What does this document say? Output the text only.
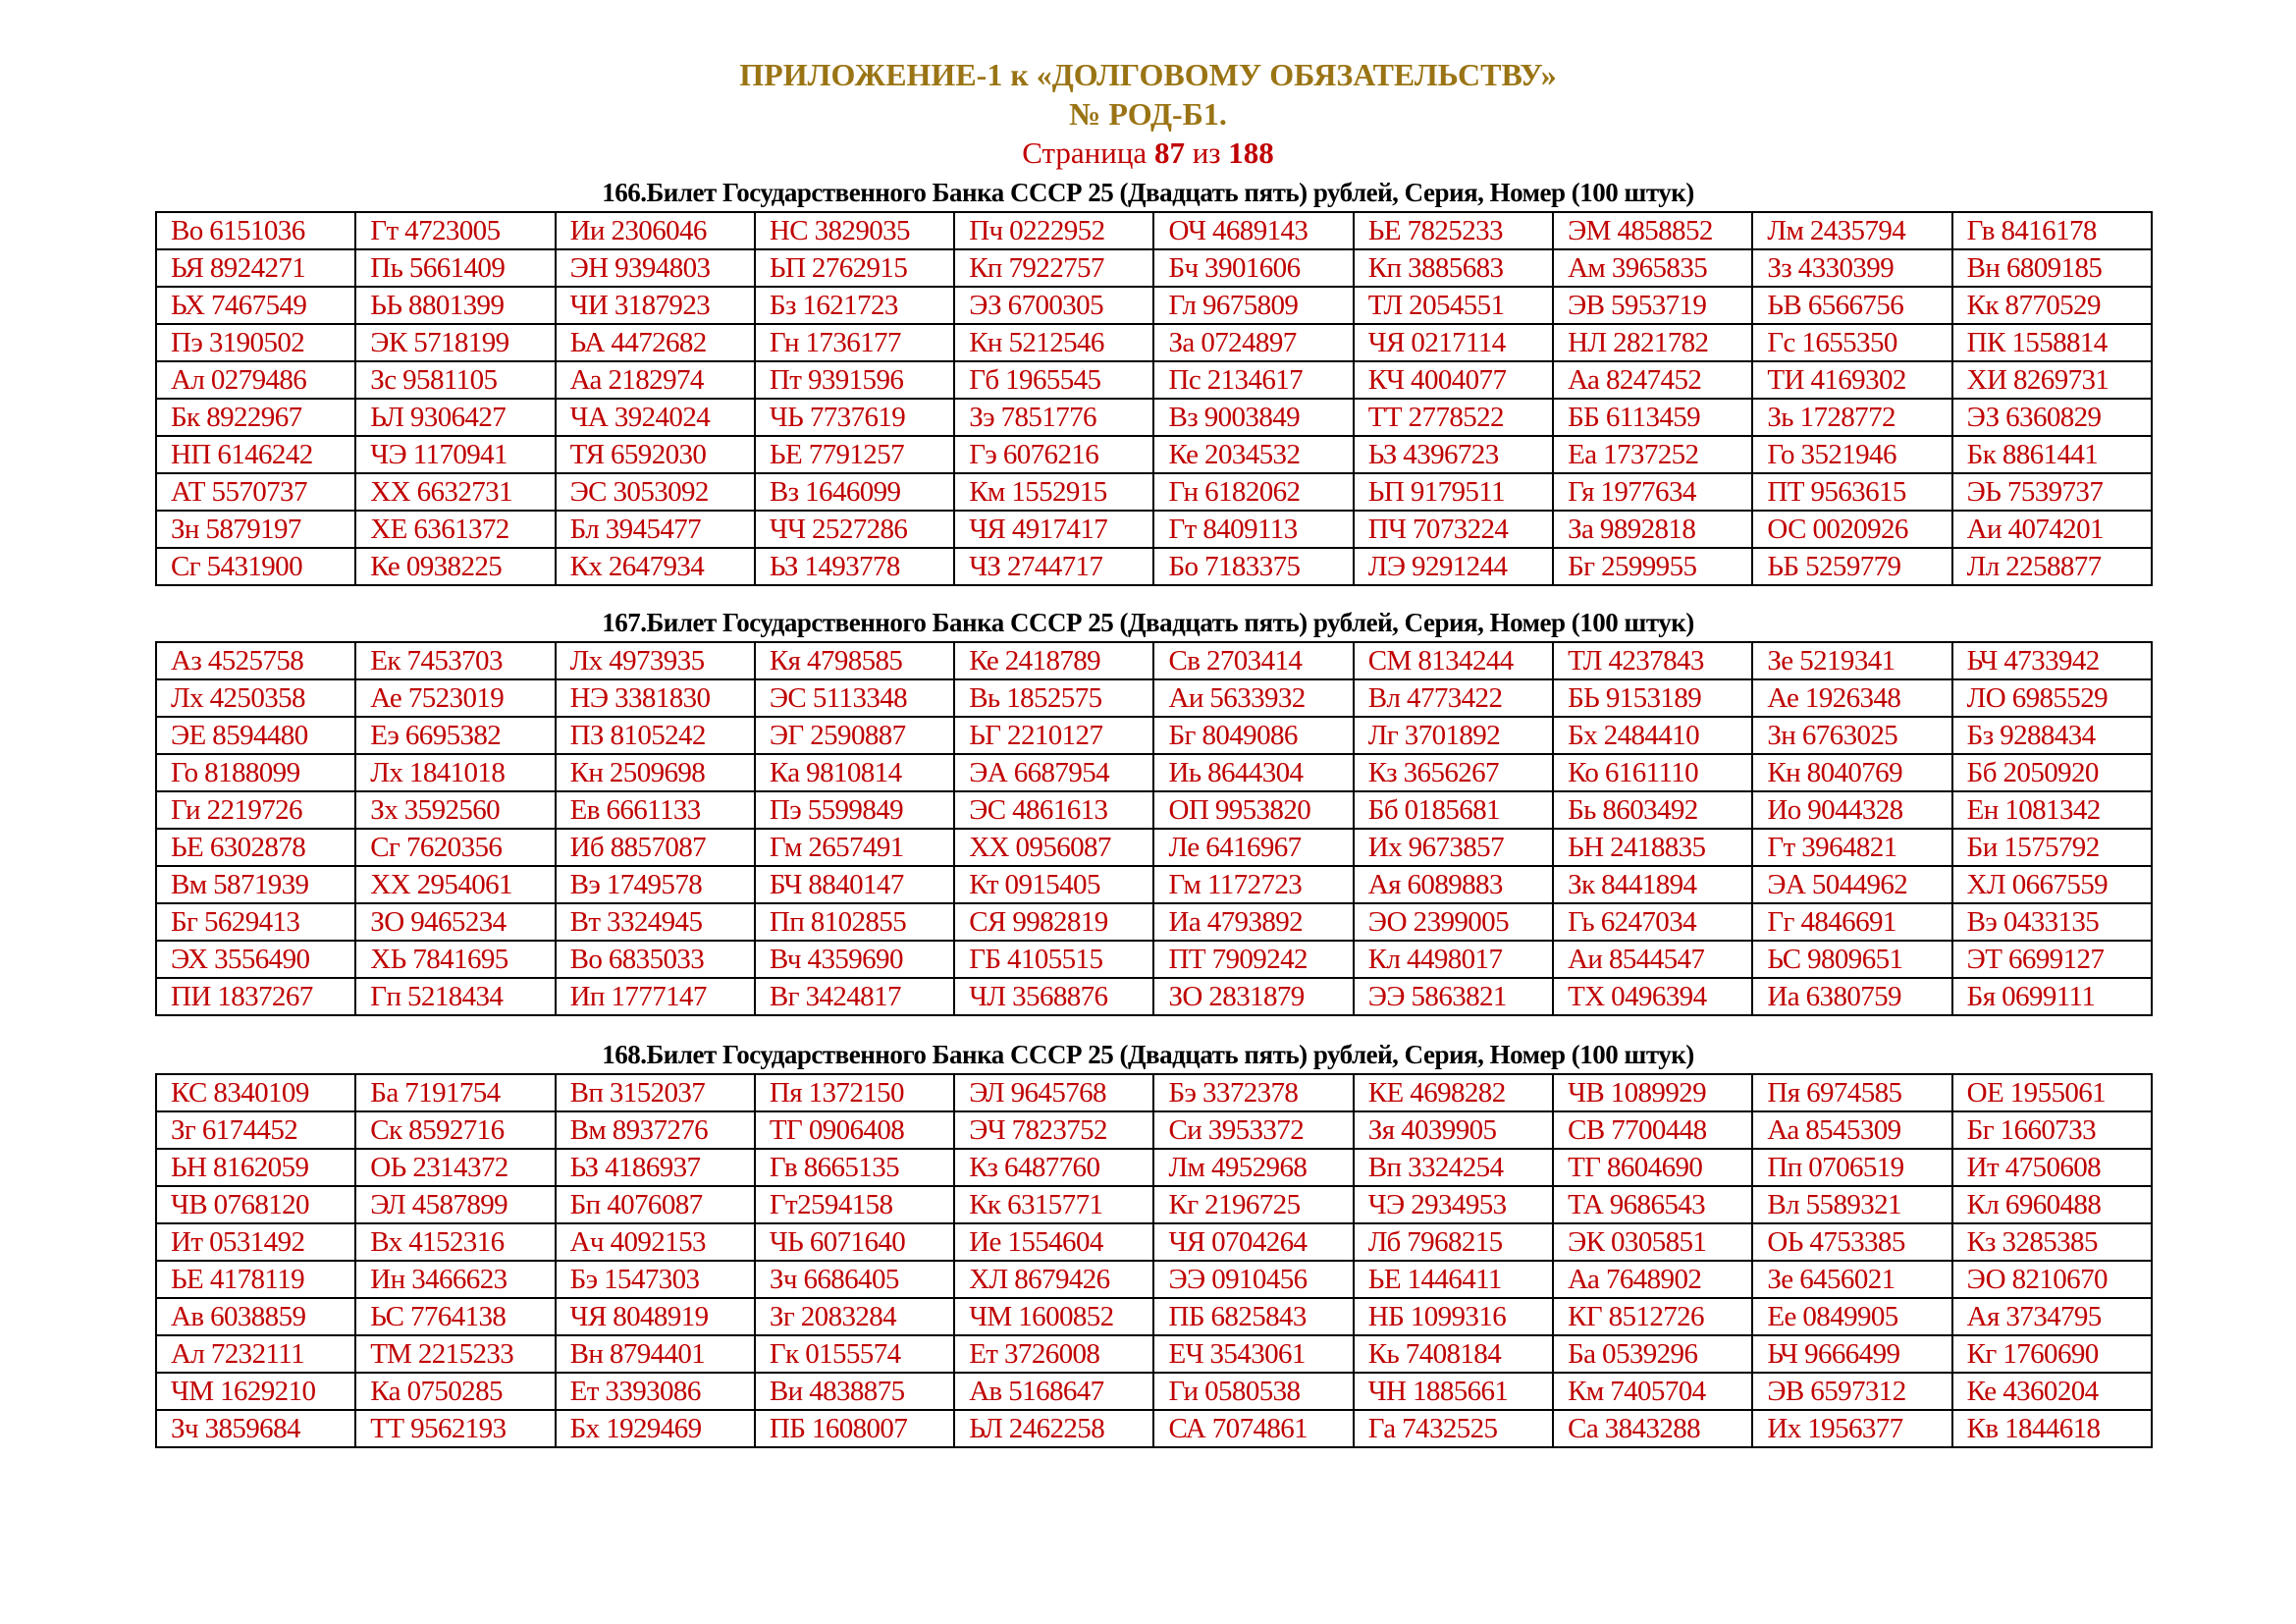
ПРИЛОЖЕНИЕ-1 к «ДОЛГОВОМУ ОБЯЗАТЕЛЬСТВУ»
№ РОД-Б1.
Страница 87 из 188
166.Билет Государственного Банка СССР 25 (Двадцать пять) рублей, Серия, Номер (100 штук)
Во 6151036	Гт 4723005	Ии 2306046	НС 3829035	Пч 0222952	ОЧ 4689143	ЬЕ 7825233	ЭМ 4858852	Лм 2435794	Гв 8416178
ЬЯ 8924271	Пь 5661409	ЭН 9394803	ЬП 2762915	Кп 7922757	Бч 3901606	Кп 3885683	Ам 3965835	Зз 4330399	Вн 6809185
ЬХ 7467549	ЬЬ 8801399	ЧИ 3187923	Бз 1621723	ЭЗ 6700305	Гл 9675809	ТЛ 2054551	ЭВ 5953719	ЬВ 6566756	Кк 8770529
Пэ 3190502	ЭК 5718199	ЬА 4472682	Гн 1736177	Кн 5212546	За 0724897	ЧЯ 0217114	НЛ 2821782	Гс 1655350	ПК 1558814
Ал 0279486	Зс 9581105	Аа 2182974	Пт 9391596	Гб 1965545	Пс 2134617	КЧ 4004077	Аа 8247452	ТИ 4169302	ХИ 8269731
Бк 8922967	ЬЛ 9306427	ЧА 3924024	ЧЬ 7737619	Зэ 7851776	Вз 9003849	ТТ 2778522	ББ 6113459	Зь 1728772	ЭЗ 6360829
НП 6146242	ЧЭ 1170941	ТЯ 6592030	ЬЕ 7791257	Гэ 6076216	Ке 2034532	ЬЗ 4396723	Еа 1737252	Го 3521946	Бк 8861441
АТ 5570737	ХХ 6632731	ЭС 3053092	Вз 1646099	Км 1552915	Гн 6182062	ЬП 9179511	Гя 1977634	ПТ 9563615	ЭЬ 7539737
Зн 5879197	ХЕ 6361372	Бл 3945477	ЧЧ 2527286	ЧЯ 4917417	Гт 8409113	ПЧ 7073224	За 9892818	ОС 0020926	Аи 4074201
Сг 5431900	Ке 0938225	Кх 2647934	ЬЗ 1493778	ЧЗ 2744717	Бо 7183375	ЛЭ 9291244	Бг 2599955	ЬБ 5259779	Лл 2258877
167.Билет Государственного Банка СССР 25 (Двадцать пять) рублей, Серия, Номер (100 штук)
Аз 4525758	Ек 7453703	Лх 4973935	Кя 4798585	Ке 2418789	Св 2703414	СМ 8134244	ТЛ 4237843	Зе 5219341	ЬЧ 4733942
Лх 4250358	Ае 7523019	НЭ 3381830	ЭС 5113348	Вь 1852575	Аи 5633932	Вл 4773422	БЬ 9153189	Ае 1926348	ЛО 6985529
ЭЕ 8594480	Еэ 6695382	ПЗ 8105242	ЭГ 2590887	ЬГ 2210127	Бг 8049086	Лг 3701892	Бх 2484410	Зн 6763025	Бз 9288434
Го 8188099	Лх 1841018	Кн 2509698	Ка 9810814	ЭА 6687954	Иь 8644304	Кз 3656267	Ко 6161110	Кн 8040769	Бб 2050920
Ги 2219726	Зх 3592560	Ев 6661133	Пэ 5599849	ЭС 4861613	ОП 9953820	Бб 0185681	Бь 8603492	Ио 9044328	Ен 1081342
ЬЕ 6302878	Сг 7620356	Иб 8857087	Гм 2657491	ХХ 0956087	Ле 6416967	Их 9673857	ЬН 2418835	Гт 3964821	Би 1575792
Вм 5871939	ХХ 2954061	Вэ 1749578	БЧ 8840147	Кт 0915405	Гм 1172723	Ая 6089883	Зк 8441894	ЭА 5044962	ХЛ 0667559
Бг 5629413	ЗО 9465234	Вт 3324945	Пп 8102855	СЯ 9982819	Иа 4793892	ЭО 2399005	Гь 6247034	Гг 4846691	Вэ 0433135
ЭХ 3556490	ХЬ 7841695	Во 6835033	Вч 4359690	ГБ 4105515	ПТ 7909242	Кл 4498017	Аи 8544547	ЬС 9809651	ЭТ 6699127
ПИ 1837267	Гп 5218434	Ип 1777147	Вг 3424817	ЧЛ 3568876	ЗО 2831879	ЭЭ 5863821	ТХ 0496394	Иа 6380759	Бя 0699111
168.Билет Государственного Банка СССР 25 (Двадцать пять) рублей, Серия, Номер (100 штук)
КС 8340109	Ба 7191754	Вп 3152037	Пя 1372150	ЭЛ 9645768	Бэ 3372378	КЕ 4698282	ЧВ 1089929	Пя 6974585	ОЕ 1955061
Зг 6174452	Ск 8592716	Вм 8937276	ТГ 0906408	ЭЧ 7823752	Си 3953372	Зя 4039905	СВ 7700448	Аа 8545309	Бг 1660733
ЬН 8162059	ОЬ 2314372	ЬЗ 4186937	Гв 8665135	Кз 6487760	Лм 4952968	Вп 3324254	ТГ 8604690	Пп 0706519	Ит 4750608
ЧВ 0768120	ЭЛ 4587899	Бп 4076087	Гт2594158	Кк 6315771	Кг 2196725	ЧЭ 2934953	ТА 9686543	Вл 5589321	Кл 6960488
Ит 0531492	Вх 4152316	Ач 4092153	ЧЬ 6071640	Ие 1554604	ЧЯ 0704264	Лб 7968215	ЭК 0305851	ОЬ 4753385	Кз 3285385
ЬЕ 4178119	Ин 3466623	Бэ 1547303	Зч 6686405	ХЛ 8679426	ЭЭ 0910456	ЬЕ 1446411	Аа 7648902	Зе 6456021	ЭО 8210670
Ав 6038859	ЬС 7764138	ЧЯ 8048919	Зг 2083284	ЧМ 1600852	ПБ 6825843	НБ 1099316	КГ 8512726	Ее 0849905	Ая 3734795
Ал 7232111	ТМ 2215233	Вн 8794401	Гк 0155574	Ет 3726008	ЕЧ 3543061	Кь 7408184	Ба 0539296	ЬЧ 9666499	Кг 1760690
ЧМ 1629210	Ка 0750285	Ет 3393086	Ви 4838875	Ав 5168647	Ги 0580538	ЧН 1885661	Км 7405704	ЭВ 6597312	Ке 4360204
Зч 3859684	ТТ 9562193	Бх 1929469	ПБ 1608007	ЬЛ 2462258	СА 7074861	Га 7432525	Са 3843288	Их 1956377	Кв 1844618
